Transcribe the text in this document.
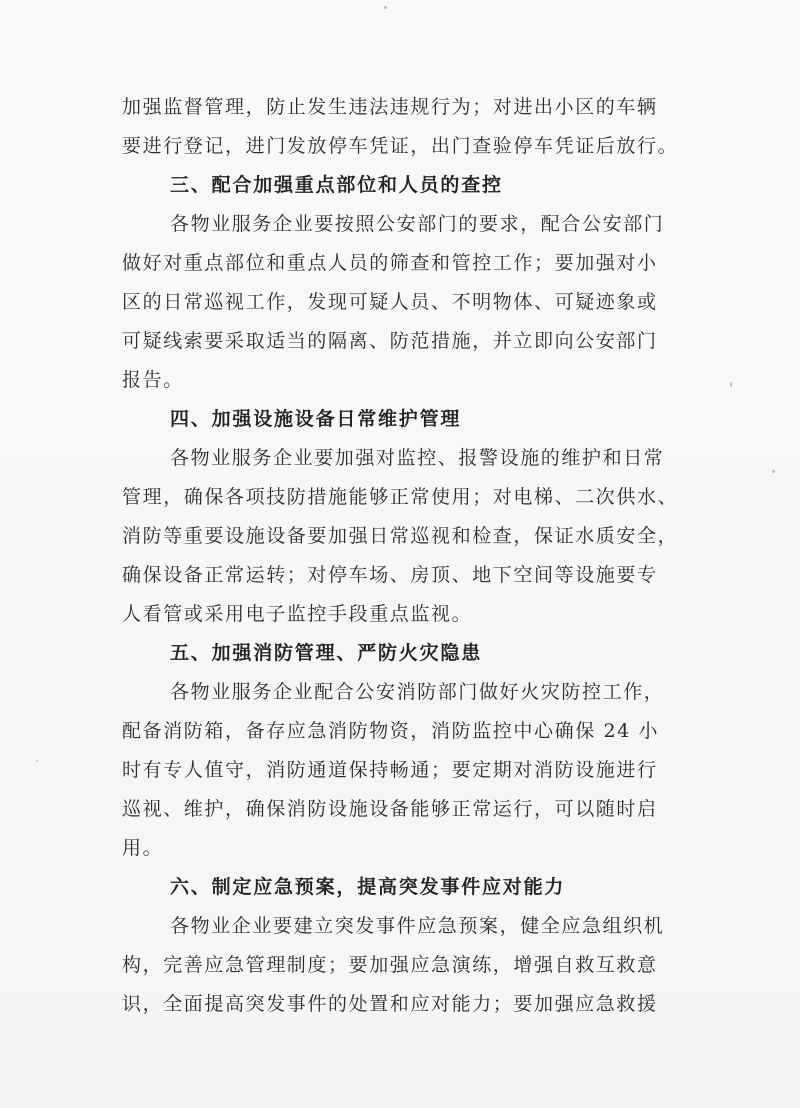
加强监督管理，防止发生违法违规行为；对进出小区的车辆
要进行登记，进门发放停车凭证，出门查验停车凭证后放行。
三、配合加强重点部位和人员的查控
各物业服务企业要按照公安部门的要求，配合公安部门
做好对重点部位和重点人员的筛查和管控工作；要加强对小
区的日常巡视工作，发现可疑人员、不明物体、可疑迹象或
可疑线索要采取适当的隔离、防范措施，并立即向公安部门
报告。
四、加强设施设备日常维护管理
各物业服务企业要加强对监控、报警设施的维护和日常
管理，确保各项技防措施能够正常使用；对电梯、二次供水、
消防等重要设施设备要加强日常巡视和检查，保证水质安全，
确保设备正常运转；对停车场、房顶、地下空间等设施要专
人看管或采用电子监控手段重点监视。
五、加强消防管理、严防火灾隐患
各物业服务企业配合公安消防部门做好火灾防控工作，
配备消防箱，备存应急消防物资，消防监控中心确保 24 小
时有专人值守，消防通道保持畅通；要定期对消防设施进行
巡视、维护，确保消防设施设备能够正常运行，可以随时启
用。
六、制定应急预案，提高突发事件应对能力
各物业企业要建立突发事件应急预案，健全应急组织机
构，完善应急管理制度；要加强应急演练，增强自救互救意
识，全面提高突发事件的处置和应对能力；要加强应急救援
